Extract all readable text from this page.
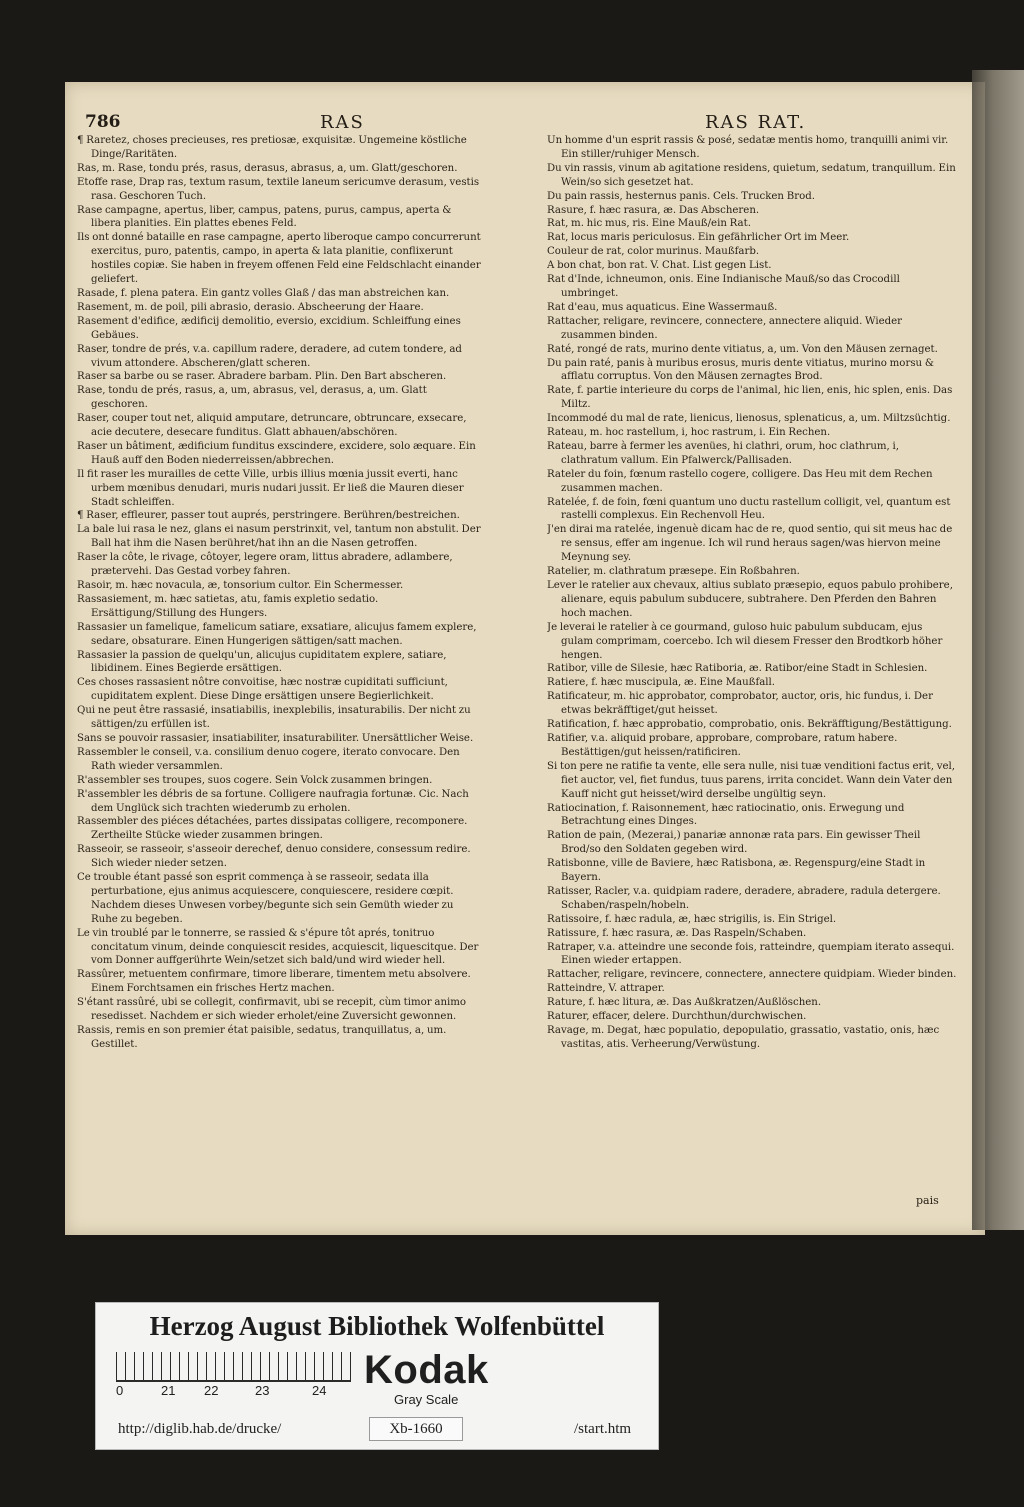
786	RAS	RAS RAT.

¶ Raretez, choses precieuses, res pretiosæ, exquisitæ. Ungemeine köstliche Dinge/Raritäten.

Ras, m. Rase, tondu prés, rasus, derasus, abrasus, a, um. Glatt/geschoren.

Etoffe rase, Drap ras, textum rasum, textile laneum sericumve derasum, vestis rasa. Geschoren Tuch.

Rase campagne, apertus, liber, campus, patens, purus, campus, aperta & libera planities. Ein plattes ebenes Feld.

Ils ont donné bataille en rase campagne, aperto liberoque campo concurrerunt exercitus, puro, patentis, campo, in aperta & lata planitie, conflixerunt hostiles copiæ. Sie haben in freyem offenen Feld eine Feldschlacht einander geliefert.

Rasade, f. plena patera. Ein gantz volles Glaß / das man abstreichen kan.

Rasement, m. de poil, pili abrasio, derasio. Abscheerung der Haare.

Rasement d'edifice, ædificij demolitio, eversio, excidium. Schleiffung eines Gebäues.

Raser, tondre de prés, v.a. capillum radere, deradere, ad cutem tondere, ad vivum attondere. Abscheren/glatt scheren.

Raser sa barbe ou se raser. Abradere barbam. Plin. Den Bart abscheren.

Rase, tondu de prés, rasus, a, um, abrasus, vel, derasus, a, um. Glatt geschoren.

Raser, couper tout net, aliquid amputare, detruncare, obtruncare, exsecare, acie decutere, desecare funditus. Glatt abhauen/abschören.

Raser un bâtiment, ædificium funditus exscindere, excidere, solo æquare. Ein Hauß auff den Boden niederreissen/abbrechen.

Il fit raser les murailles de cette Ville, urbis illius mœnia jussit everti, hanc urbem mœnibus denudari, muris nudari jussit. Er ließ die Mauren dieser Stadt schleiffen.

¶ Raser, effleurer, passer tout auprés, perstringere. Berühren/bestreichen.

La bale lui rasa le nez, glans ei nasum perstrinxit, vel, tantum non abstulit. Der Ball hat ihm die Nasen berühret/hat ihn an die Nasen getroffen.

Raser la côte, le rivage, côtoyer, legere oram, littus abradere, adlambere, prætervehi. Das Gestad vorbey fahren.

Rasoir, m. hæc novacula, æ, tonsorium cultor. Ein Schermesser.

Rassasiement, m. hæc satietas, atu, famis expletio sedatio. Ersättigung/Stillung des Hungers.

Rassasier un famelique, famelicum satiare, exsatiare, alicujus famem explere, sedare, obsaturare. Einen Hungerigen sättigen/satt machen.

Rassasier la passion de quelqu'un, alicujus cupiditatem explere, satiare, libidinem. Eines Begierde ersättigen.

Ces choses rassasient nôtre convoitise, hæc nostræ cupiditati sufficiunt, cupiditatem explent. Diese Dinge ersättigen unsere Begierlichkeit.

Qui ne peut être rassasié, insatiabilis, inexplebilis, insaturabilis. Der nicht zu sättigen/zu erfüllen ist.

Sans se pouvoir rassasier, insatiabiliter, insaturabiliter. Unersättlicher Weise.

Rassembler le conseil, v.a. consilium denuo cogere, iterato convocare. Den Rath wieder versammlen.

R'assembler ses troupes, suos cogere. Sein Volck zusammen bringen.

R'assembler les débris de sa fortune. Colligere naufragia fortunæ. Cic. Nach dem Unglück sich trachten wiederumb zu erholen.

Rassembler des piéces détachées, partes dissipatas colligere, recomponere. Zertheilte Stücke wieder zusammen bringen.

Rasseoir, se rasseoir, s'asseoir derechef, denuo considere, consessum redire. Sich wieder nieder setzen.

Ce trouble étant passé son esprit commença à se rasseoir, sedata illa perturbatione, ejus animus acquiescere, conquiescere, residere cœpit. Nachdem dieses Unwesen vorbey/begunte sich sein Gemüth wieder zu Ruhe zu begeben.

Le vin troublé par le tonnerre, se rassied & s'épure tôt aprés, tonitruo concitatum vinum, deinde conquiescit resides, acquiescit, liquescitque. Der vom Donner auffgerührte Wein/setzet sich bald/und wird wieder hell.

Rassûrer, metuentem confirmare, timore liberare, timentem metu absolvere. Einem Forchtsamen ein frisches Hertz machen.

S'étant rassûré, ubi se collegit, confirmavit, ubi se recepit, cùm timor animo resedisset. Nachdem er sich wieder erholet/eine Zuversicht gewonnen.

Rassis, remis en son premier état paisible, sedatus, tranquillatus, a, um. Gestillet.

Un homme d'un esprit rassis & posé, sedatæ mentis homo, tranquilli animi vir. Ein stiller/ruhiger Mensch.

Du vin rassis, vinum ab agitatione residens, quietum, sedatum, tranquillum. Ein Wein/so sich gesetzet hat.

Du pain rassis, hesternus panis. Cels. Trucken Brod.

Rasure, f. hæc rasura, æ. Das Abscheren.

Rat, m. hic mus, ris. Eine Mauß/ein Rat.

Rat, locus maris periculosus. Ein gefährlicher Ort im Meer.

Couleur de rat, color murinus. Maußfarb.

A bon chat, bon rat. V. Chat. List gegen List.

Rat d'Inde, ichneumon, onis. Eine Indianische Mauß/so das Crocodill umbringet.

Rat d'eau, mus aquaticus. Eine Wassermauß.

Rattacher, religare, revincere, connectere, annectere aliquid. Wieder zusammen binden.

Raté, rongé de rats, murino dente vitiatus, a, um. Von den Mäusen zernaget.

Du pain raté, panis à muribus erosus, muris dente vitiatus, murino morsu & afflatu corruptus. Von den Mäusen zernagtes Brod.

Rate, f. partie interieure du corps de l'animal, hic lien, enis, hic splen, enis. Das Miltz.

Incommodé du mal de rate, lienicus, lienosus, splenaticus, a, um. Miltzsüchtig.

Rateau, m. hoc rastellum, i, hoc rastrum, i. Ein Rechen.

Rateau, barre à fermer les avenües, hi clathri, orum, hoc clathrum, i, clathratum vallum. Ein Pfalwerck/Pallisaden.

Rateler du foin, fœnum rastello cogere, colligere. Das Heu mit dem Rechen zusammen machen.

Ratelée, f. de foin, fœni quantum uno ductu rastellum colligit, vel, quantum est rastelli complexus. Ein Rechenvoll Heu.

J'en dirai ma ratelée, ingenuè dicam hac de re, quod sentio, qui sit meus hac de re sensus, effer am ingenue. Ich wil rund heraus sagen/was hiervon meine Meynung sey.

Ratelier, m. clathratum præsepe. Ein Roßbahren.

Lever le ratelier aux chevaux, altius sublato præsepio, equos pabulo prohibere, alienare, equis pabulum subducere, subtrahere. Den Pferden den Bahren hoch machen.

Je leverai le ratelier à ce gourmand, guloso huic pabulum subducam, ejus gulam comprimam, coercebo. Ich wil diesem Fresser den Brodtkorb höher hengen.

Ratibor, ville de Silesie, hæc Ratiboria, æ. Ratibor/eine Stadt in Schlesien.

Ratiere, f. hæc muscipula, æ. Eine Maußfall.

Ratificateur, m. hic approbator, comprobator, auctor, oris, hic fundus, i. Der etwas bekräfftiget/gut heisset.

Ratification, f. hæc approbatio, comprobatio, onis. Bekräfftigung/Bestättigung.

Ratifier, v.a. aliquid probare, approbare, comprobare, ratum habere. Bestättigen/gut heissen/ratificiren.

Si ton pere ne ratifie ta vente, elle sera nulle, nisi tuæ venditioni factus erit, vel, fiet auctor, vel, fiet fundus, tuus parens, irrita concidet. Wann dein Vater den Kauff nicht gut heisset/wird derselbe ungültig seyn.

Ratiocination, f. Raisonnement, hæc ratiocinatio, onis. Erwegung und Betrachtung eines Dinges.

Ration de pain, (Mezerai,) panariæ annonæ rata pars. Ein gewisser Theil Brod/so den Soldaten gegeben wird.

Ratisbonne, ville de Baviere, hæc Ratisbona, æ. Regenspurg/eine Stadt in Bayern.

Ratisser, Racler, v.a. quidpiam radere, deradere, abradere, radula detergere. Schaben/raspeln/hobeln.

Ratissoire, f. hæc radula, æ, hæc strigilis, is. Ein Strigel.

Ratissure, f. hæc rasura, æ. Das Raspeln/Schaben.

Ratraper, v.a. atteindre une seconde fois, ratteindre, quempiam iterato assequi. Einen wieder ertappen.

Rattacher, religare, revincere, connectere, annectere quidpiam. Wieder binden.

Ratteindre, V. attraper.

Rature, f. hæc litura, æ. Das Außkratzen/Außlöschen.

Raturer, effacer, delere. Durchthun/durchwischen.

Ravage, m. Degat, hæc populatio, depopulatio, grassatio, vastatio, onis, hæc vastitas, atis. Verheerung/Verwüstung.

pais
Herzog August Bibliothek Wolfenbüttel
0	21 22	23	24 Kodak
Gray Scale
http://diglib.hab.de/drucke/	Xb-1660	/start.htm
